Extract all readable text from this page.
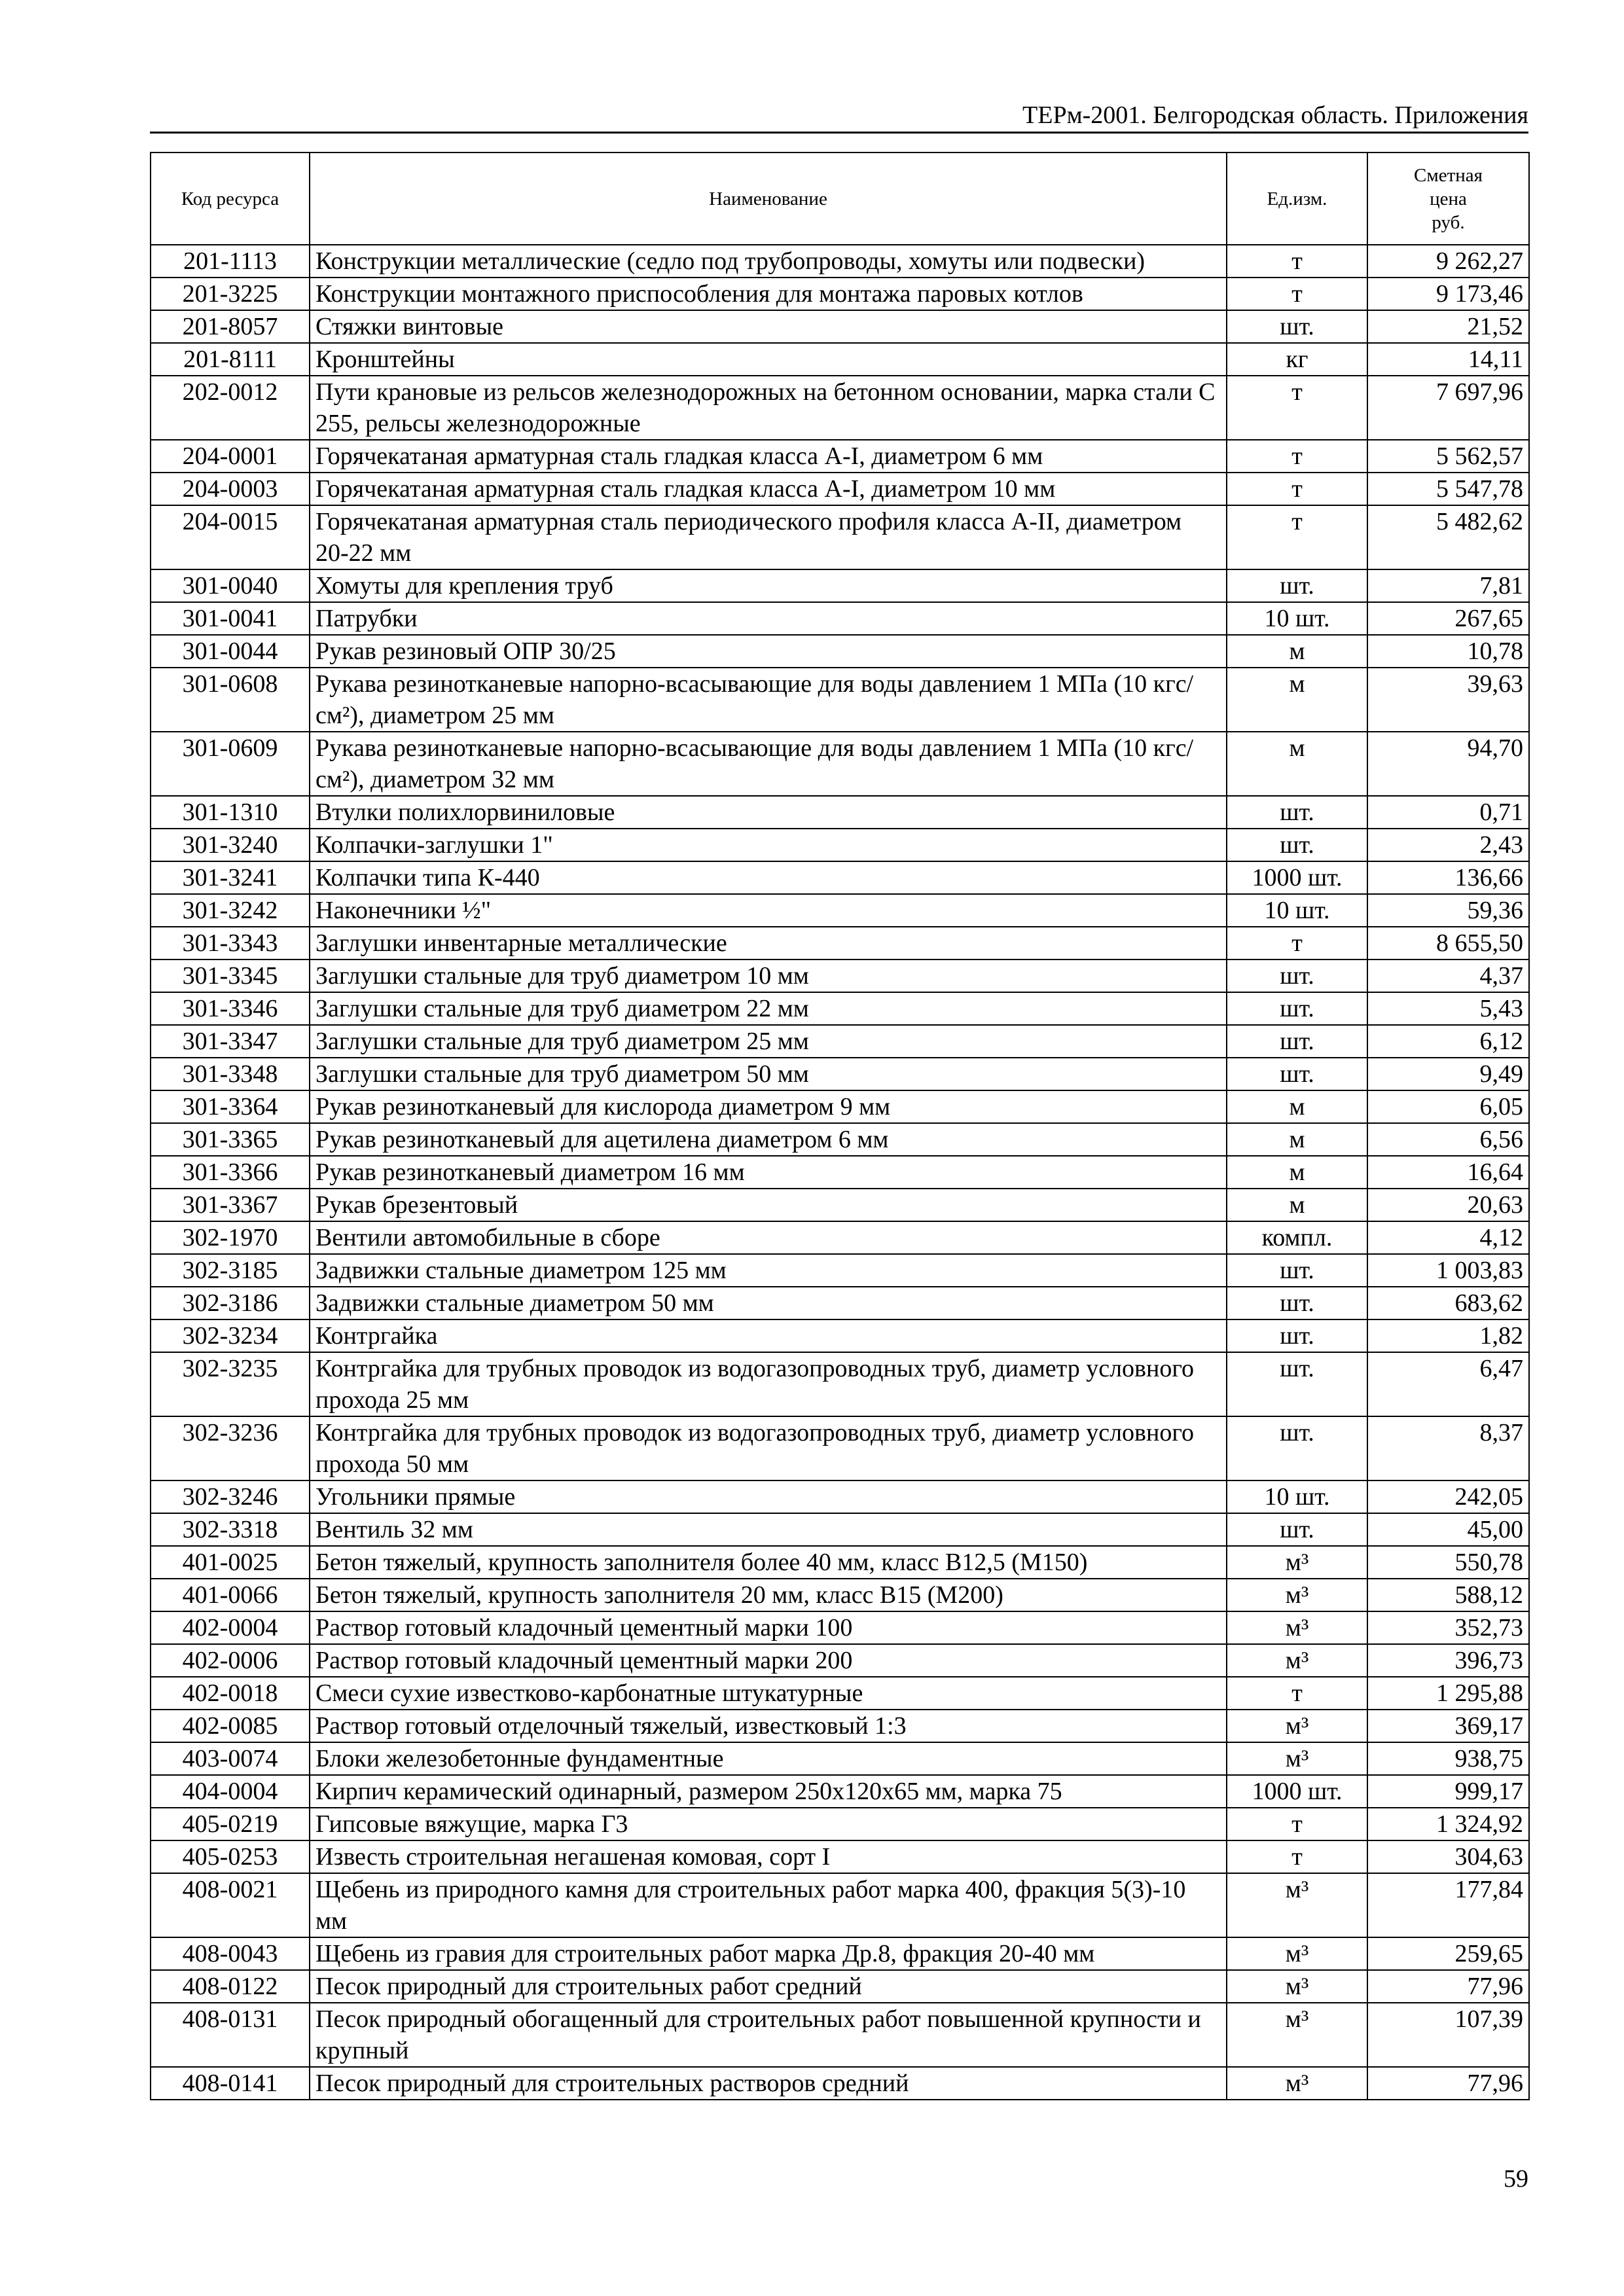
ТЕРм-2001. Белгородская область. Приложения
Код ресурса	Наименование	Ед.изм.	Сметная
цена
руб.

201-1113	Конструкции металлические (седло под трубопроводы, хомуты или подвески)	т	9 262,27
201-3225	Конструкции монтажного приспособления для монтажа паровых котлов	т	9 173,46
201-8057	Стяжки винтовые	шт.	21,52
201-8111	Кронштейны	кг	14,11
202-0012	Пути крановые из рельсов железнодорожных на бетонном основании, марка стали С 255, рельсы железнодорожные	т	7 697,96
204-0001	Горячекатаная арматурная сталь гладкая класса А-I, диаметром 6 мм	т	5 562,57
204-0003	Горячекатаная арматурная сталь гладкая класса А-I, диаметром 10 мм	т	5 547,78
204-0015	Горячекатаная арматурная сталь периодического профиля класса А-II, диаметром 20-22 мм	т	5 482,62
301-0040	Хомуты для крепления труб	шт.	7,81
301-0041	Патрубки	10 шт.	267,65
301-0044	Рукав резиновый ОПР 30/25	м	10,78
301-0608	Рукава резинотканевые напорно-всасывающие для воды давлением 1 МПа (10 кгс/см²), диаметром 25 мм	м	39,63
301-0609	Рукава резинотканевые напорно-всасывающие для воды давлением 1 МПа (10 кгс/см²), диаметром 32 мм	м	94,70
301-1310	Втулки полихлорвиниловые	шт.	0,71
301-3240	Колпачки-заглушки 1"	шт.	2,43
301-3241	Колпачки типа К-440	1000 шт.	136,66
301-3242	Наконечники ½"	10 шт.	59,36
301-3343	Заглушки инвентарные металлические	т	8 655,50
301-3345	Заглушки стальные для труб диаметром 10 мм	шт.	4,37
301-3346	Заглушки стальные для труб диаметром 22 мм	шт.	5,43
301-3347	Заглушки стальные для труб диаметром 25 мм	шт.	6,12
301-3348	Заглушки стальные для труб диаметром 50 мм	шт.	9,49
301-3364	Рукав резинотканевый для кислорода диаметром 9 мм	м	6,05
301-3365	Рукав резинотканевый для ацетилена диаметром 6 мм	м	6,56
301-3366	Рукав резинотканевый диаметром 16 мм	м	16,64
301-3367	Рукав брезентовый	м	20,63
302-1970	Вентили автомобильные в сборе	компл.	4,12
302-3185	Задвижки стальные диаметром 125 мм	шт.	1 003,83
302-3186	Задвижки стальные диаметром 50 мм	шт.	683,62
302-3234	Контргайка	шт.	1,82
302-3235	Контргайка для трубных проводок из водогазопроводных труб, диаметр условного прохода 25 мм	шт.	6,47
302-3236	Контргайка для трубных проводок из водогазопроводных труб, диаметр условного прохода 50 мм	шт.	8,37
302-3246	Угольники прямые	10 шт.	242,05
302-3318	Вентиль 32 мм	шт.	45,00
401-0025	Бетон тяжелый, крупность заполнителя более 40 мм, класс В12,5 (М150)	м³	550,78
401-0066	Бетон тяжелый, крупность заполнителя 20 мм, класс В15 (М200)	м³	588,12
402-0004	Раствор готовый кладочный цементный марки 100	м³	352,73
402-0006	Раствор готовый кладочный цементный марки 200	м³	396,73
402-0018	Смеси сухие известково-карбонатные штукатурные	т	1 295,88
402-0085	Раствор готовый отделочный тяжелый, известковый 1:3	м³	369,17
403-0074	Блоки железобетонные фундаментные	м³	938,75
404-0004	Кирпич керамический одинарный, размером 250х120х65 мм, марка 75	1000 шт.	999,17
405-0219	Гипсовые вяжущие, марка Г3	т	1 324,92
405-0253	Известь строительная негашеная комовая, сорт I	т	304,63
408-0021	Щебень из природного камня для строительных работ марка 400, фракция 5(3)-10 мм	м³	177,84
408-0043	Щебень из гравия для строительных работ марка Др.8, фракция 20-40 мм	м³	259,65
408-0122	Песок природный для строительных работ средний	м³	77,96
408-0131	Песок природный обогащенный для строительных работ повышенной крупности и крупный	м³	107,39
408-0141	Песок природный для строительных растворов средний	м³	77,96
59
